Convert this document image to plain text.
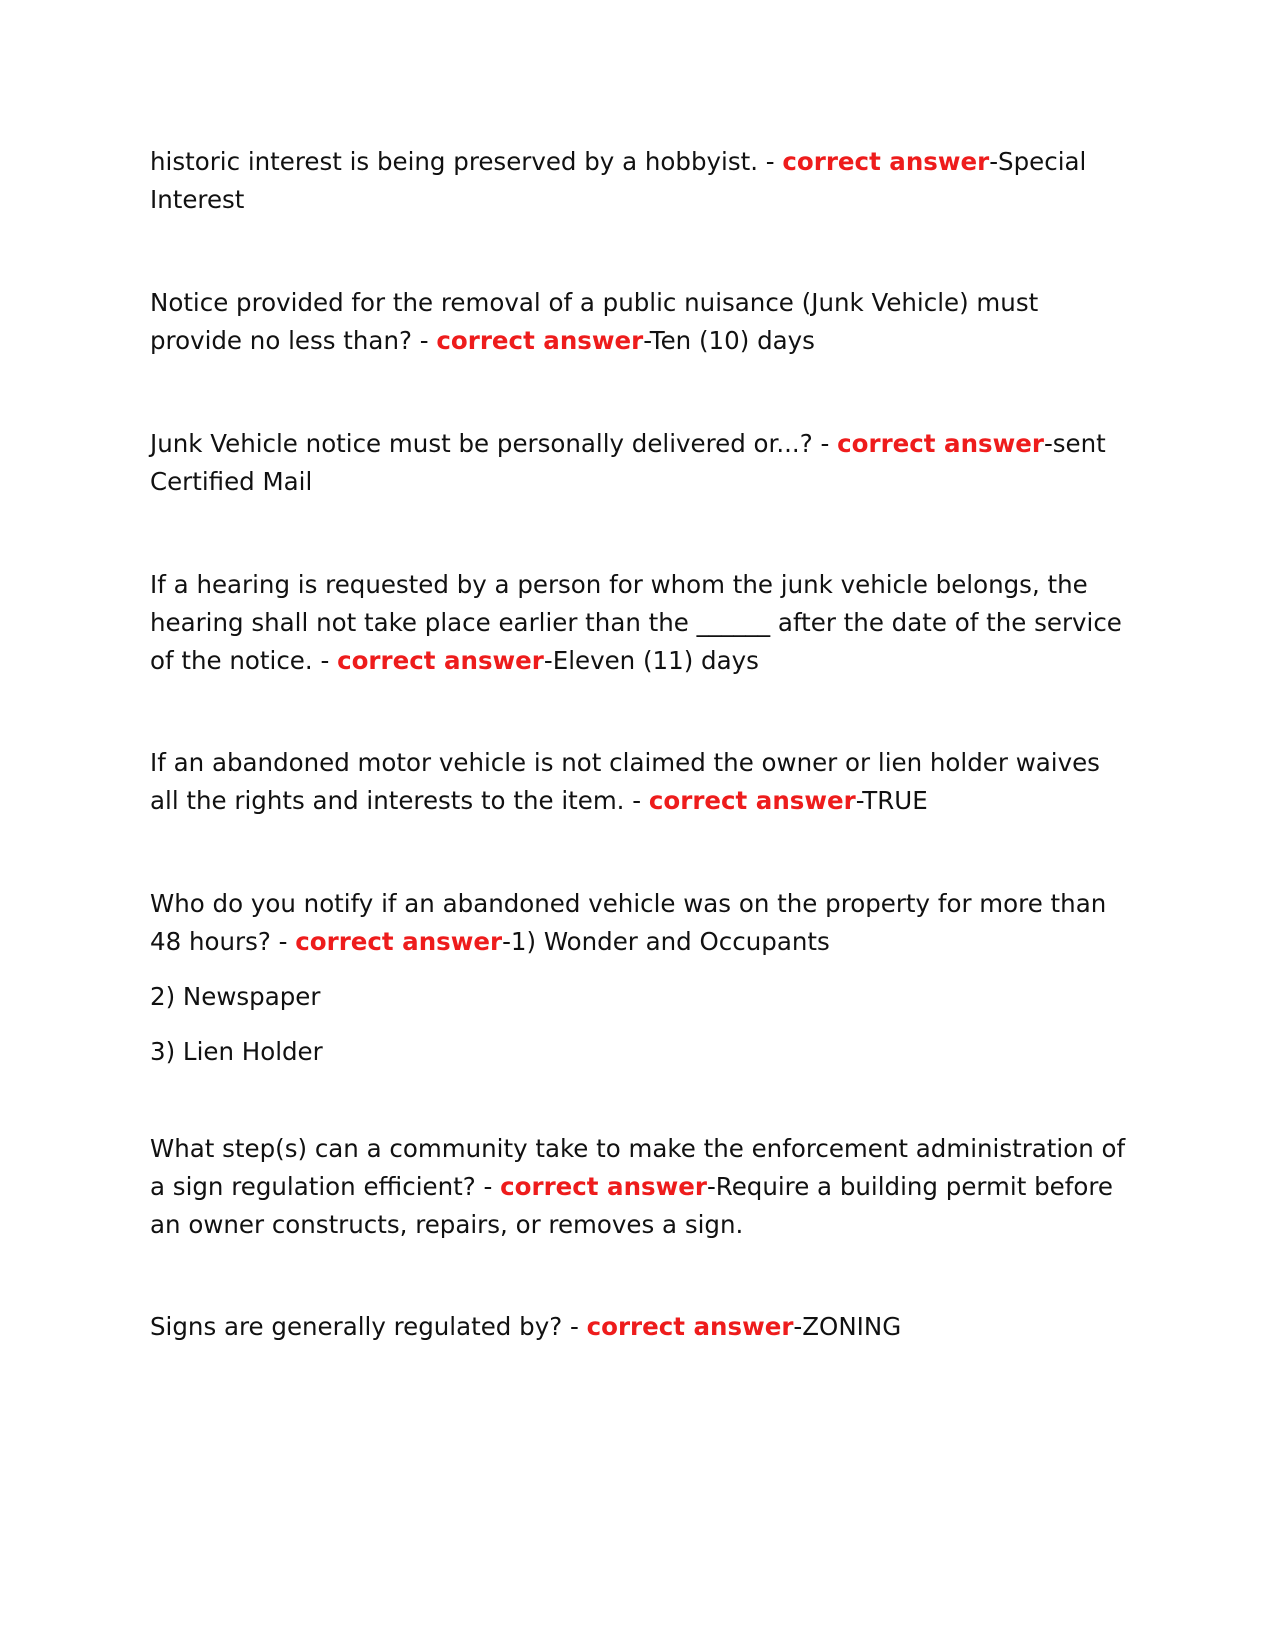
historic interest is being preserved by a hobbyist. - correct answer-Special Interest

Notice provided for the removal of a public nuisance (Junk Vehicle) must provide no less than? - correct answer-Ten (10) days

Junk Vehicle notice must be personally delivered or...? - correct answer-sent Certified Mail

If a hearing is requested by a person for whom the junk vehicle belongs, the hearing shall not take place earlier than the ______ after the date of the service of the notice. - correct answer-Eleven (11) days

If an abandoned motor vehicle is not claimed the owner or lien holder waives all the rights and interests to the item. - correct answer-TRUE

Who do you notify if an abandoned vehicle was on the property for more than 48 hours? - correct answer-1) Wonder and Occupants

2) Newspaper

3) Lien Holder

What step(s) can a community take to make the enforcement administration of a sign regulation efficient? - correct answer-Require a building permit before an owner constructs, repairs, or removes a sign.

Signs are generally regulated by? - correct answer-ZONING
